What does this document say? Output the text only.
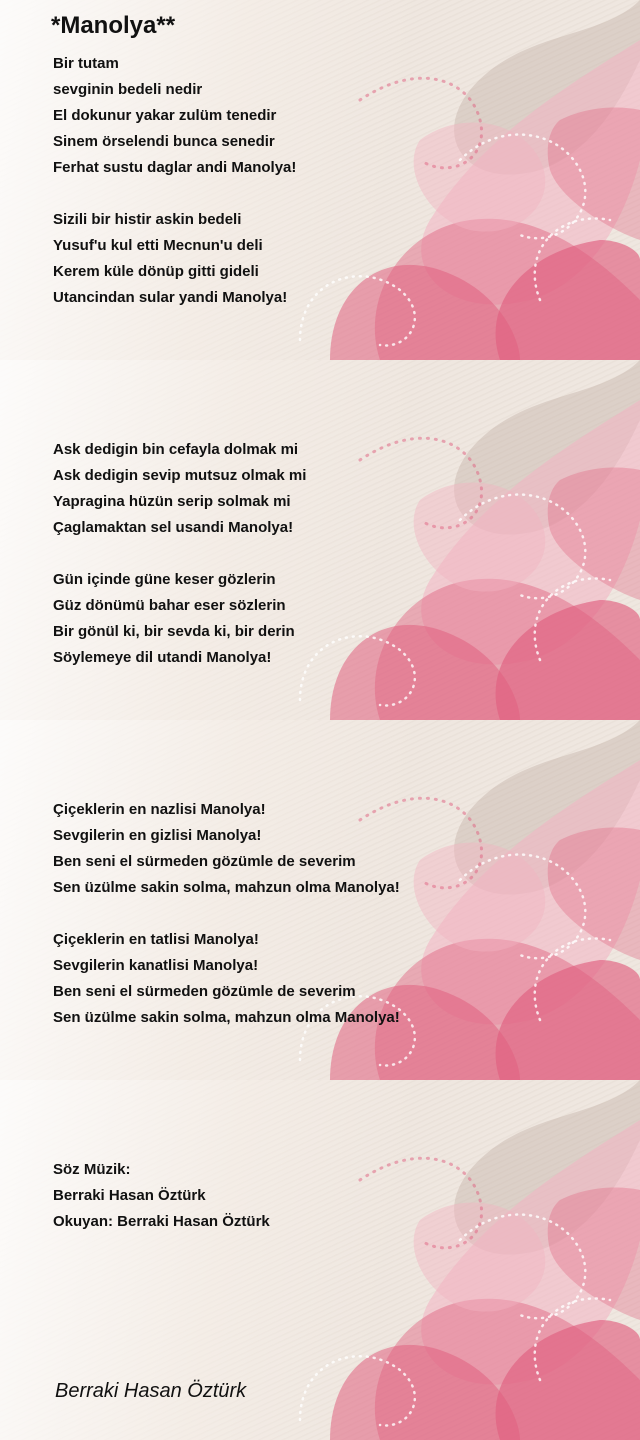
*Manolya**
Bir tutam
sevginin bedeli nedir
El dokunur yakar zulüm tenedir
Sinem örselendi bunca senedir
Ferhat sustu daglar andi Manolya!
Sizili bir histir askin bedeli
Yusuf'u kul etti Mecnun'u deli
Kerem küle dönüp gitti gideli
Utancindan sular yandi Manolya!
Ask dedigin bin cefayla dolmak mi
Ask dedigin sevip mutsuz olmak mi
Yapragina hüzün serip solmak mi
Çaglamaktan sel usandi Manolya!
Gün içinde güne keser gözlerin
Güz dönümü bahar eser sözlerin
Bir gönül ki, bir sevda ki, bir derin
Söylemeye dil utandi Manolya!
Çiçeklerin en nazlisi Manolya!
Sevgilerin en gizlisi Manolya!
Ben seni el sürmeden gözümle de severim
Sen üzülme sakin solma, mahzun olma Manolya!
Çiçeklerin en tatlisi Manolya!
Sevgilerin kanatlisi Manolya!
Ben seni el sürmeden gözümle de severim
Sen üzülme sakin solma, mahzun olma Manolya!
Söz Müzik:
Berraki Hasan Öztürk
Okuyan: Berraki Hasan Öztürk
Berraki Hasan Öztürk
